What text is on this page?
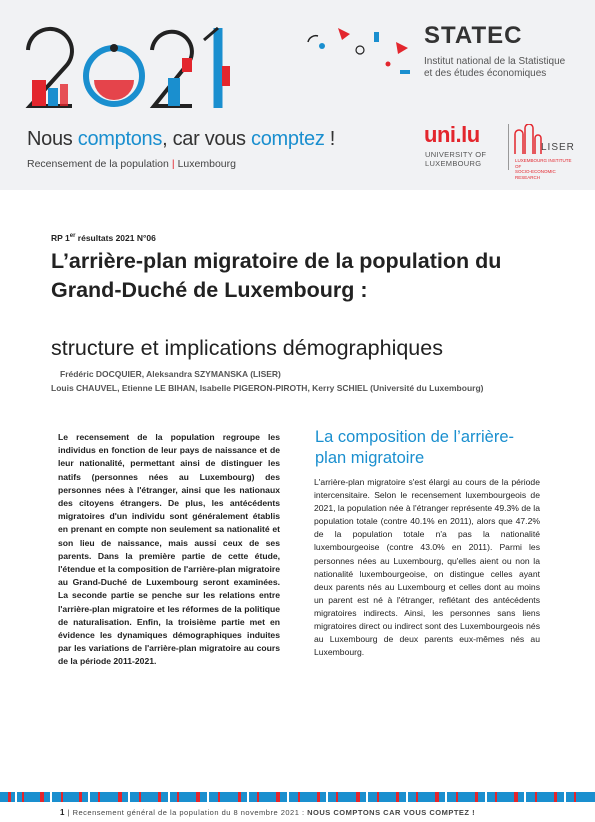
STATEC
Institut national de la Statistique
et des études économiques
Nous comptons, car vous comptez !
Recensement de la population | Luxembourg
uni.lu
UNIVERSITY OF
LUXEMBOURG
LISER
LUXEMBOURG INSTITUTE OF
SOCIO-ECONOMIC RESEARCH
RP 1er résultats 2021 N°06
L’arrière-plan migratoire de la population du Grand-Duché de Luxembourg :
structure et implications démographiques
Frédéric DOCQUIER, Aleksandra SZYMANSKA (LISER)
Louis CHAUVEL, Etienne LE BIHAN, Isabelle PIGERON-PIROTH, Kerry SCHIEL (Université du Luxembourg)
Le recensement de la population regroupe les individus en fonction de leur pays de naissance et de leur nationalité, permettant ainsi de distinguer les natifs (personnes nées au Luxembourg) des personnes nées à l'étranger, ainsi que les nationaux des citoyens étrangers. De plus, les antécédents migratoires d'un individu sont généralement établis en prenant en compte non seulement sa nationalité et son lieu de naissance, mais aussi ceux de ses parents. Dans la première partie de cette étude, l'étendue et la composition de l'arrière-plan migratoire au Grand-Duché de Luxembourg seront examinées. La seconde partie se penche sur les relations entre l'arrière-plan migratoire et les réformes de la politique de naturalisation. Enfin, la troisième partie met en évidence les dynamiques démographiques induites par les variations de l'arrière-plan migratoire au cours de la période 2011-2021.
La composition de l’arrière-plan migratoire
L'arrière-plan migratoire s'est élargi au cours de la période intercensitaire. Selon le recensement luxembourgeois de 2021, la population née à l'étranger représente 49.3% de la population totale (contre 40.1% en 2011), alors que 47.2% de la population totale n'a pas la nationalité luxembourgeoise (contre 43.0% en 2011). Parmi les personnes nées au Luxembourg, qu'elles aient ou non la nationalité luxembourgeoise, on distingue celles ayant deux parents nés au Luxembourg et celles dont au moins un parent est né à l'étranger, reflétant des antécédents migratoires indirects. Ainsi, les personnes sans liens migratoires direct ou indirect sont des Luxembourgeois nés au Luxembourg de deux parents eux-mêmes nés au Luxembourg.
1 | Recensement général de la population du 8 novembre 2021 : NOUS COMPTONS CAR VOUS COMPTEZ !
